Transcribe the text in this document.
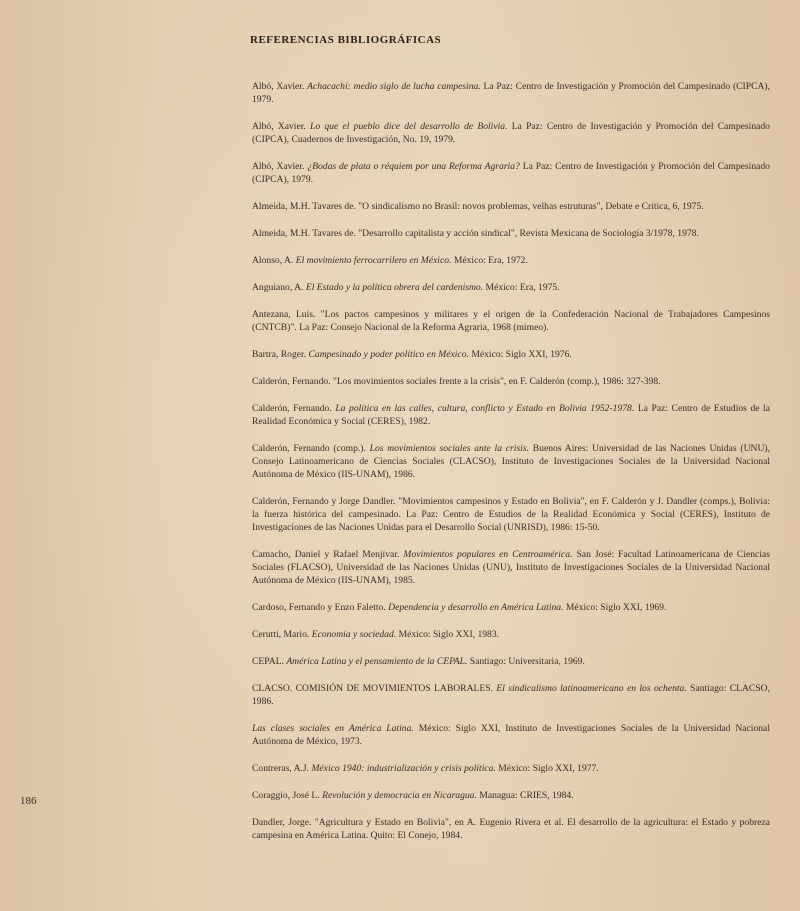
REFERENCIAS BIBLIOGRÁFICAS

Albó, Xavier. Achacachi: medio siglo de lucha campesina. La Paz: Centro de Investigación y Promoción del Campesinado (CIPCA), 1979.

Albó, Xavier. Lo que el pueblo dice del desarrollo de Bolivia. La Paz: Centro de Investigación y Promoción del Campesinado (CIPCA), Cuadernos de Investigación, No. 19, 1979.

Albó, Xavier. ¿Bodas de plata o réquiem por una Reforma Agraria? La Paz: Centro de Investigación y Promoción del Campesinado (CIPCA), 1979.

Almeida, M.H. Tavares de. "O sindicalismo no Brasil: novos problemas, velhas estruturas", Debate e Crítica, 6, 1975.

Almeida, M.H. Tavares de. "Desarrollo capitalista y acción sindical", Revista Mexicana de Sociología 3/1978, 1978.

Alonso, A. El movimiento ferrocarrilero en México. México: Era, 1972.

Anguiano, A. El Estado y la política obrera del cardenismo. México: Era, 1975.

Antezana, Luis. "Los pactos campesinos y militares y el origen de la Confederación Nacional de Trabajadores Campesinos (CNTCB)". La Paz: Consejo Nacional de la Reforma Agraria, 1968 (mimeo).

Bartra, Roger. Campesinado y poder político en México. México: Siglo XXI, 1976.

Calderón, Fernando. "Los movimientos sociales frente a la crisis", en F. Calderón (comp.), 1986: 327-398.

Calderón, Fernando. La política en las calles, cultura, conflicto y Estado en Bolivia 1952-1978. La Paz: Centro de Estudios de la Realidad Económica y Social (CERES), 1982.

Calderón, Fernando (comp.). Los movimientos sociales ante la crisis. Buenos Aires: Universidad de las Naciones Unidas (UNU), Consejo Latinoamericano de Ciencias Sociales (CLACSO), Instituto de Investigaciones Sociales de la Universidad Nacional Autónoma de México (IIS-UNAM), 1986.

Calderón, Fernando y Jorge Dandler. "Movimientos campesinos y Estado en Bolivia", en F. Calderón y J. Dandler (comps.), Bolivia: la fuerza histórica del campesinado. La Paz: Centro de Estudios de la Realidad Económica y Social (CERES), Instituto de Investigaciones de las Naciones Unidas para el Desarrollo Social (UNRISD), 1986: 15-50.

Camacho, Daniel y Rafael Menjívar. Movimientos populares en Centroamérica. San José: Facultad Latinoamericana de Ciencias Sociales (FLACSO), Universidad de las Naciones Unidas (UNU), Instituto de Investigaciones Sociales de la Universidad Nacional Autónoma de México (IIS-UNAM), 1985.

Cardoso, Fernando y Enzo Faletto. Dependencia y desarrollo en América Latina. México: Siglo XXI, 1969.

Cerutti, Mario. Economía y sociedad. México: Siglo XXI, 1983.

CEPAL. América Latina y el pensamiento de la CEPAL. Santiago: Universitaria, 1969.

CLACSO. COMISIÓN DE MOVIMIENTOS LABORALES. El sindicalismo latinoamericano en los ochenta. Santiago: CLACSO, 1986.

Las clases sociales en América Latina. México: Siglo XXI, Instituto de Investigaciones Sociales de la Universidad Nacional Autónoma de México, 1973.

Contreras, A.J. México 1940: industrialización y crisis política. México: Siglo XXI, 1977.

Coraggio, José L. Revolución y democracia en Nicaragua. Managua: CRIES, 1984.

Dandler, Jorge. "Agricultura y Estado en Bolivia", en A. Eugenio Rivera et al. El desarrollo de la agricultura: el Estado y pobreza campesina en América Latina. Quito: El Conejo, 1984.

186
